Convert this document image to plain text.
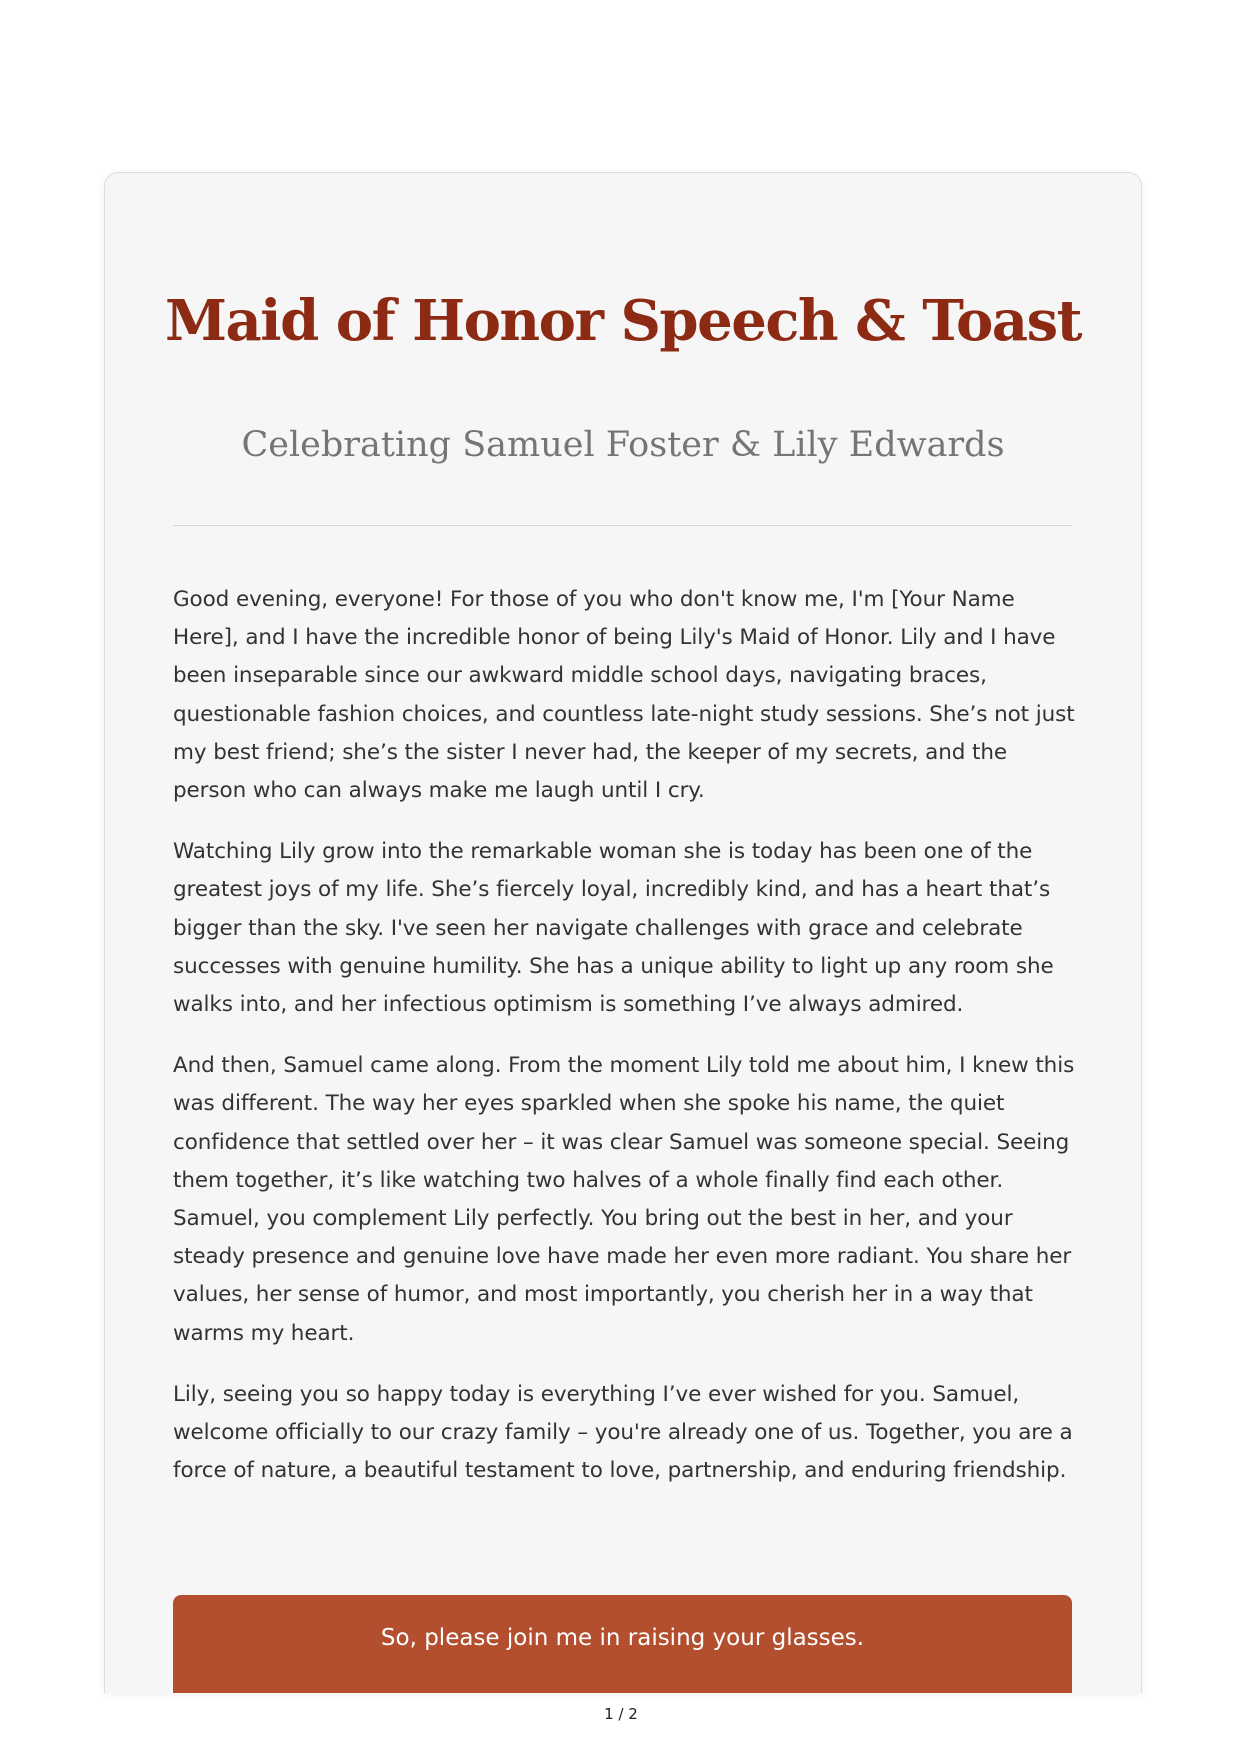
Maid of Honor Speech & Toast
Celebrating Samuel Foster & Lily Edwards

Good evening, everyone! For those of you who don't know me, I'm [Your Name Here], and I have the incredible honor of being Lily's Maid of Honor. Lily and I have been inseparable since our awkward middle school days, navigating braces, questionable fashion choices, and countless late-night study sessions. She’s not just my best friend; she’s the sister I never had, the keeper of my secrets, and the person who can always make me laugh until I cry.

Watching Lily grow into the remarkable woman she is today has been one of the greatest joys of my life. She’s fiercely loyal, incredibly kind, and has a heart that’s bigger than the sky. I've seen her navigate challenges with grace and celebrate successes with genuine humility. She has a unique ability to light up any room she walks into, and her infectious optimism is something I’ve always admired.

And then, Samuel came along. From the moment Lily told me about him, I knew this was different. The way her eyes sparkled when she spoke his name, the quiet confidence that settled over her – it was clear Samuel was someone special. Seeing them together, it’s like watching two halves of a whole finally find each other. Samuel, you complement Lily perfectly. You bring out the best in her, and your steady presence and genuine love have made her even more radiant. You share her values, her sense of humor, and most importantly, you cherish her in a way that warms my heart.

Lily, seeing you so happy today is everything I’ve ever wished for you. Samuel, welcome officially to our crazy family – you're already one of us. Together, you are a force of nature, a beautiful testament to love, partnership, and enduring friendship.

So, please join me in raising your glasses.
1 / 2
